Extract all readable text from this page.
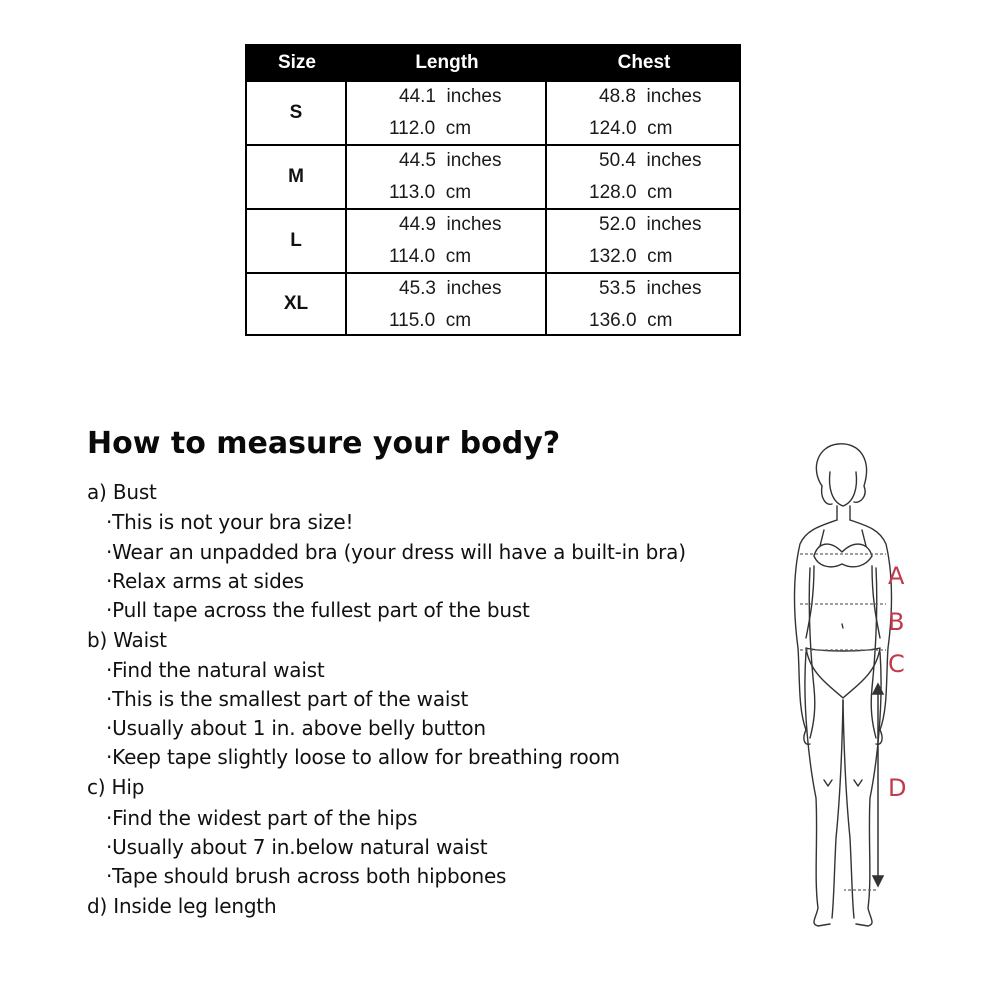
Size	Length	Chest
S
44.1  inches
112.0  cm
48.8  inches
124.0  cm
M
44.5  inches
113.0  cm
50.4  inches
128.0  cm
L
44.9  inches
114.0  cm
52.0  inches
132.0  cm
XL
45.3  inches
115.0  cm
53.5  inches
136.0  cm
How to measure your body?
a) Bust
·This is not your bra size!
·Wear an unpadded bra (your dress will have a built-in bra)
·Relax arms at sides
·Pull tape across the fullest part of the bust
b) Waist
·Find the natural waist
·This is the smallest part of the waist
·Usually about 1 in. above belly button
·Keep tape slightly loose to allow for breathing room
c) Hip
·Find the widest part of the hips
·Usually about 7 in.below natural waist
·Tape should brush across both hipbones
d) Inside leg length
A
B
C
D
